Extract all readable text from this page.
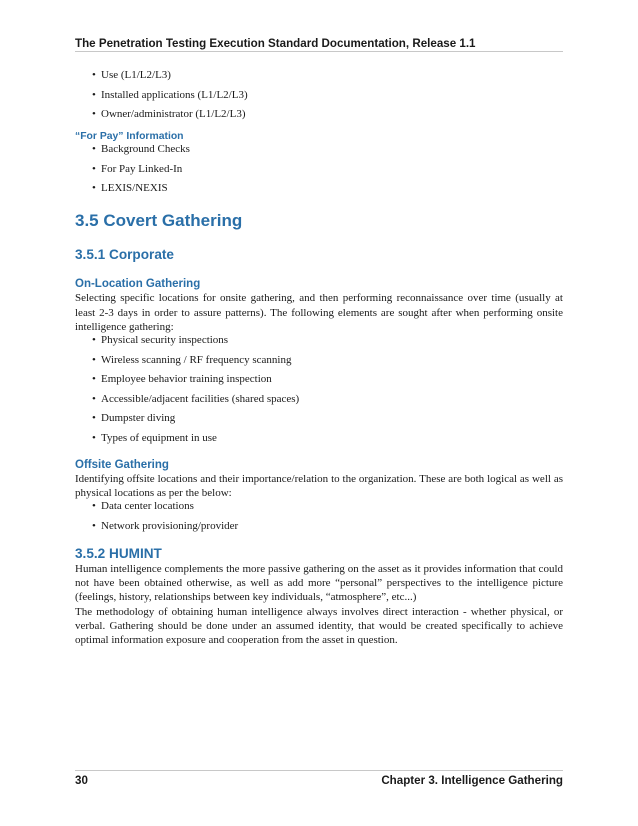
The Penetration Testing Execution Standard Documentation, Release 1.1
• Use (L1/L2/L3)
• Installed applications (L1/L2/L3)
• Owner/administrator (L1/L2/L3)
“For Pay” Information
• Background Checks
• For Pay Linked-In
• LEXIS/NEXIS
3.5 Covert Gathering
3.5.1 Corporate
On-Location Gathering

Selecting specific locations for onsite gathering, and then performing reconnaissance over time (usually at least 2-3 days in order to assure patterns). The following elements are sought after when performing onsite intelligence gathering:

• Physical security inspections
• Wireless scanning / RF frequency scanning
• Employee behavior training inspection
• Accessible/adjacent facilities (shared spaces)
• Dumpster diving
• Types of equipment in use
Offsite Gathering

Identifying offsite locations and their importance/relation to the organization. These are both logical as well as physical locations as per the below:

• Data center locations
• Network provisioning/provider
3.5.2 HUMINT

Human intelligence complements the more passive gathering on the asset as it provides information that could not have been obtained otherwise, as well as add more “personal” perspectives to the intelligence picture (feelings, history, relationships between key individuals, “atmosphere”, etc...)

The methodology of obtaining human intelligence always involves direct interaction - whether physical, or verbal. Gathering should be done under an assumed identity, that would be created specifically to achieve optimal information exposure and cooperation from the asset in question.

30	Chapter 3. Intelligence Gathering
